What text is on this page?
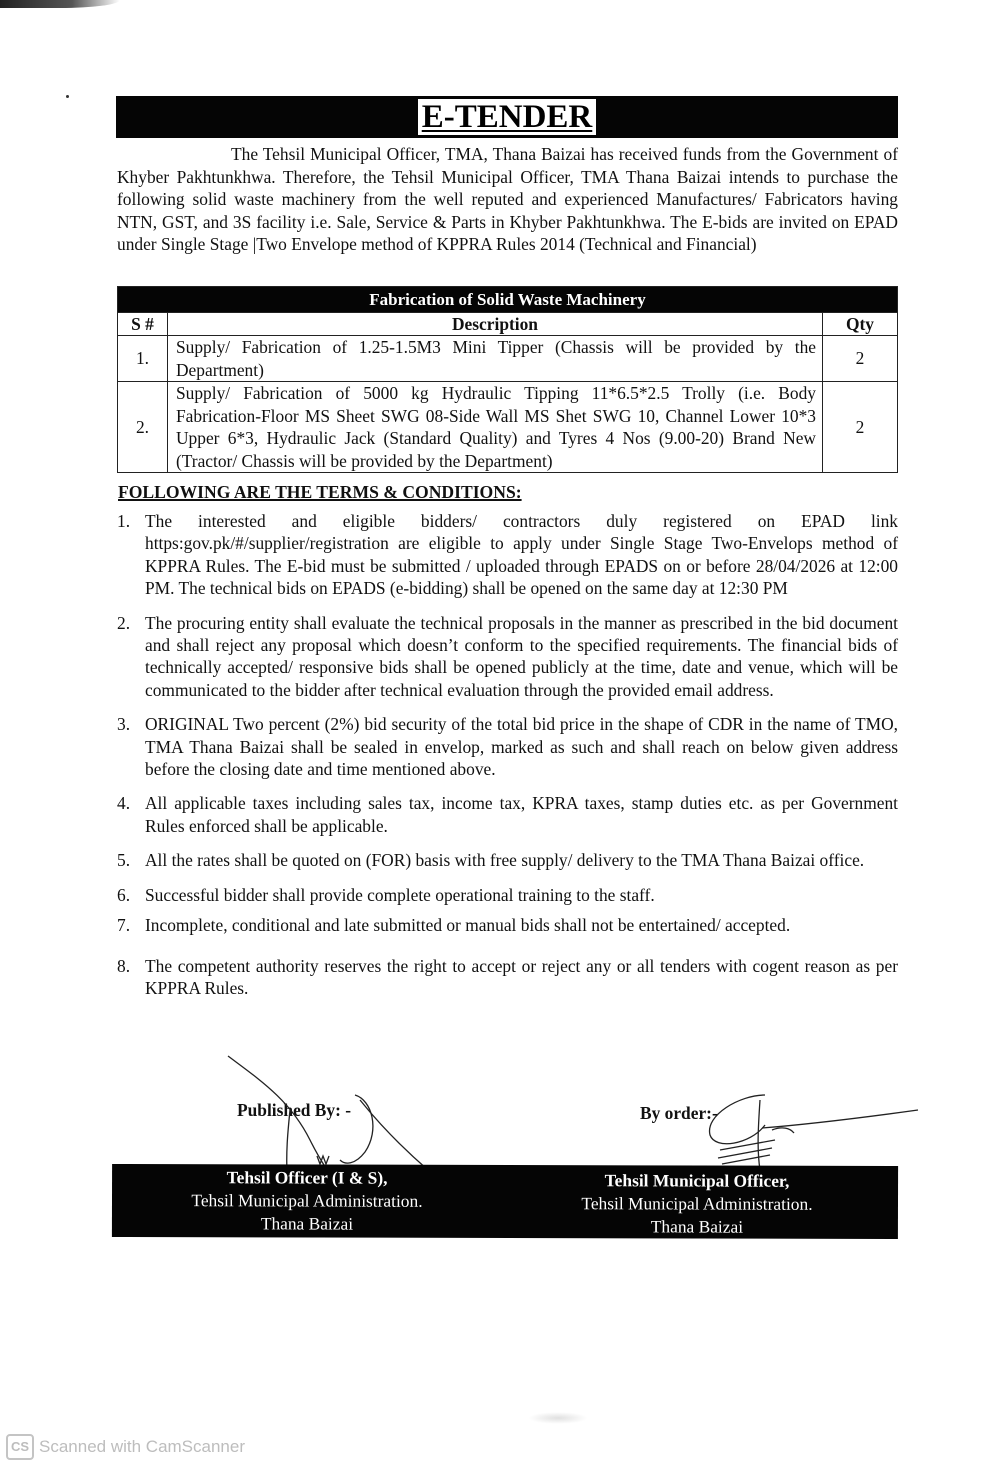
E-TENDER

The Tehsil Municipal Officer, TMA, Thana Baizai has received funds from the Government of Khyber Pakhtunkhwa. Therefore, the Tehsil Municipal Officer, TMA Thana Baizai intends to purchase the following solid waste machinery from the well reputed and experienced Manufactures/ Fabricators having NTN, GST, and 3S facility i.e. Sale, Service & Parts in Khyber Pakhtunkhwa. The E-bids are invited on EPAD under Single Stage |Two Envelope method of KPPRA Rules 2014 (Technical and Financial)

Fabrication of Solid Waste Machinery		
S #	Description	Qty
1.	Supply/ Fabrication of 1.25-1.5M3 Mini Tipper (Chassis will be provided by the Department)	2
2.	Supply/ Fabrication of 5000 kg Hydraulic Tipping 11*6.5*2.5 Trolly (i.e. Body Fabrication-Floor MS Sheet SWG 08-Side Wall MS Shet SWG 10, Channel Lower 10*3 Upper 6*3, Hydraulic Jack (Standard Quality) and Tyres 4 Nos (9.00-20) Brand New (Tractor/ Chassis will be provided by the Department)	2
FOLLOWING ARE THE TERMS & CONDITIONS:
1. The interested and eligible bidders/ contractors duly registered on EPAD link https:gov.pk/#/supplier/registration are eligible to apply under Single Stage Two-Envelops method of KPPRA Rules. The E-bid must be submitted / uploaded through EPADS on or before 28/04/2026 at 12:00 PM. The technical bids on EPADS (e-bidding) shall be opened on the same day at 12:30 PM
2. The procuring entity shall evaluate the technical proposals in the manner as prescribed in the bid document and shall reject any proposal which doesn’t conform to the specified requirements. The financial bids of technically accepted/ responsive bids shall be opened publicly at the time, date and venue, which will be communicated to the bidder after technical evaluation through the provided email address.
3. ORIGINAL Two percent (2%) bid security of the total bid price in the shape of CDR in the name of TMO, TMA Thana Baizai shall be sealed in envelop, marked as such and shall reach on below given address before the closing date and time mentioned above.
4. All applicable taxes including sales tax, income tax, KPRA taxes, stamp duties etc. as per Government Rules enforced shall be applicable.
5. All the rates shall be quoted on (FOR) basis with free supply/ delivery to the TMA Thana Baizai office.
6. Successful bidder shall provide complete operational training to the staff.
7. Incomplete, conditional and late submitted or manual bids shall not be entertained/ accepted.
8. The competent authority reserves the right to accept or reject any or all tenders with cogent reason as per KPPRA Rules.
Published By: -	By order:-
Tehsil Officer (I & S),
Tehsil Municipal Administration.
Thana Baizai
Tehsil Municipal Officer,
Tehsil Municipal Administration.
Thana Baizai
CS Scanned with CamScanner
